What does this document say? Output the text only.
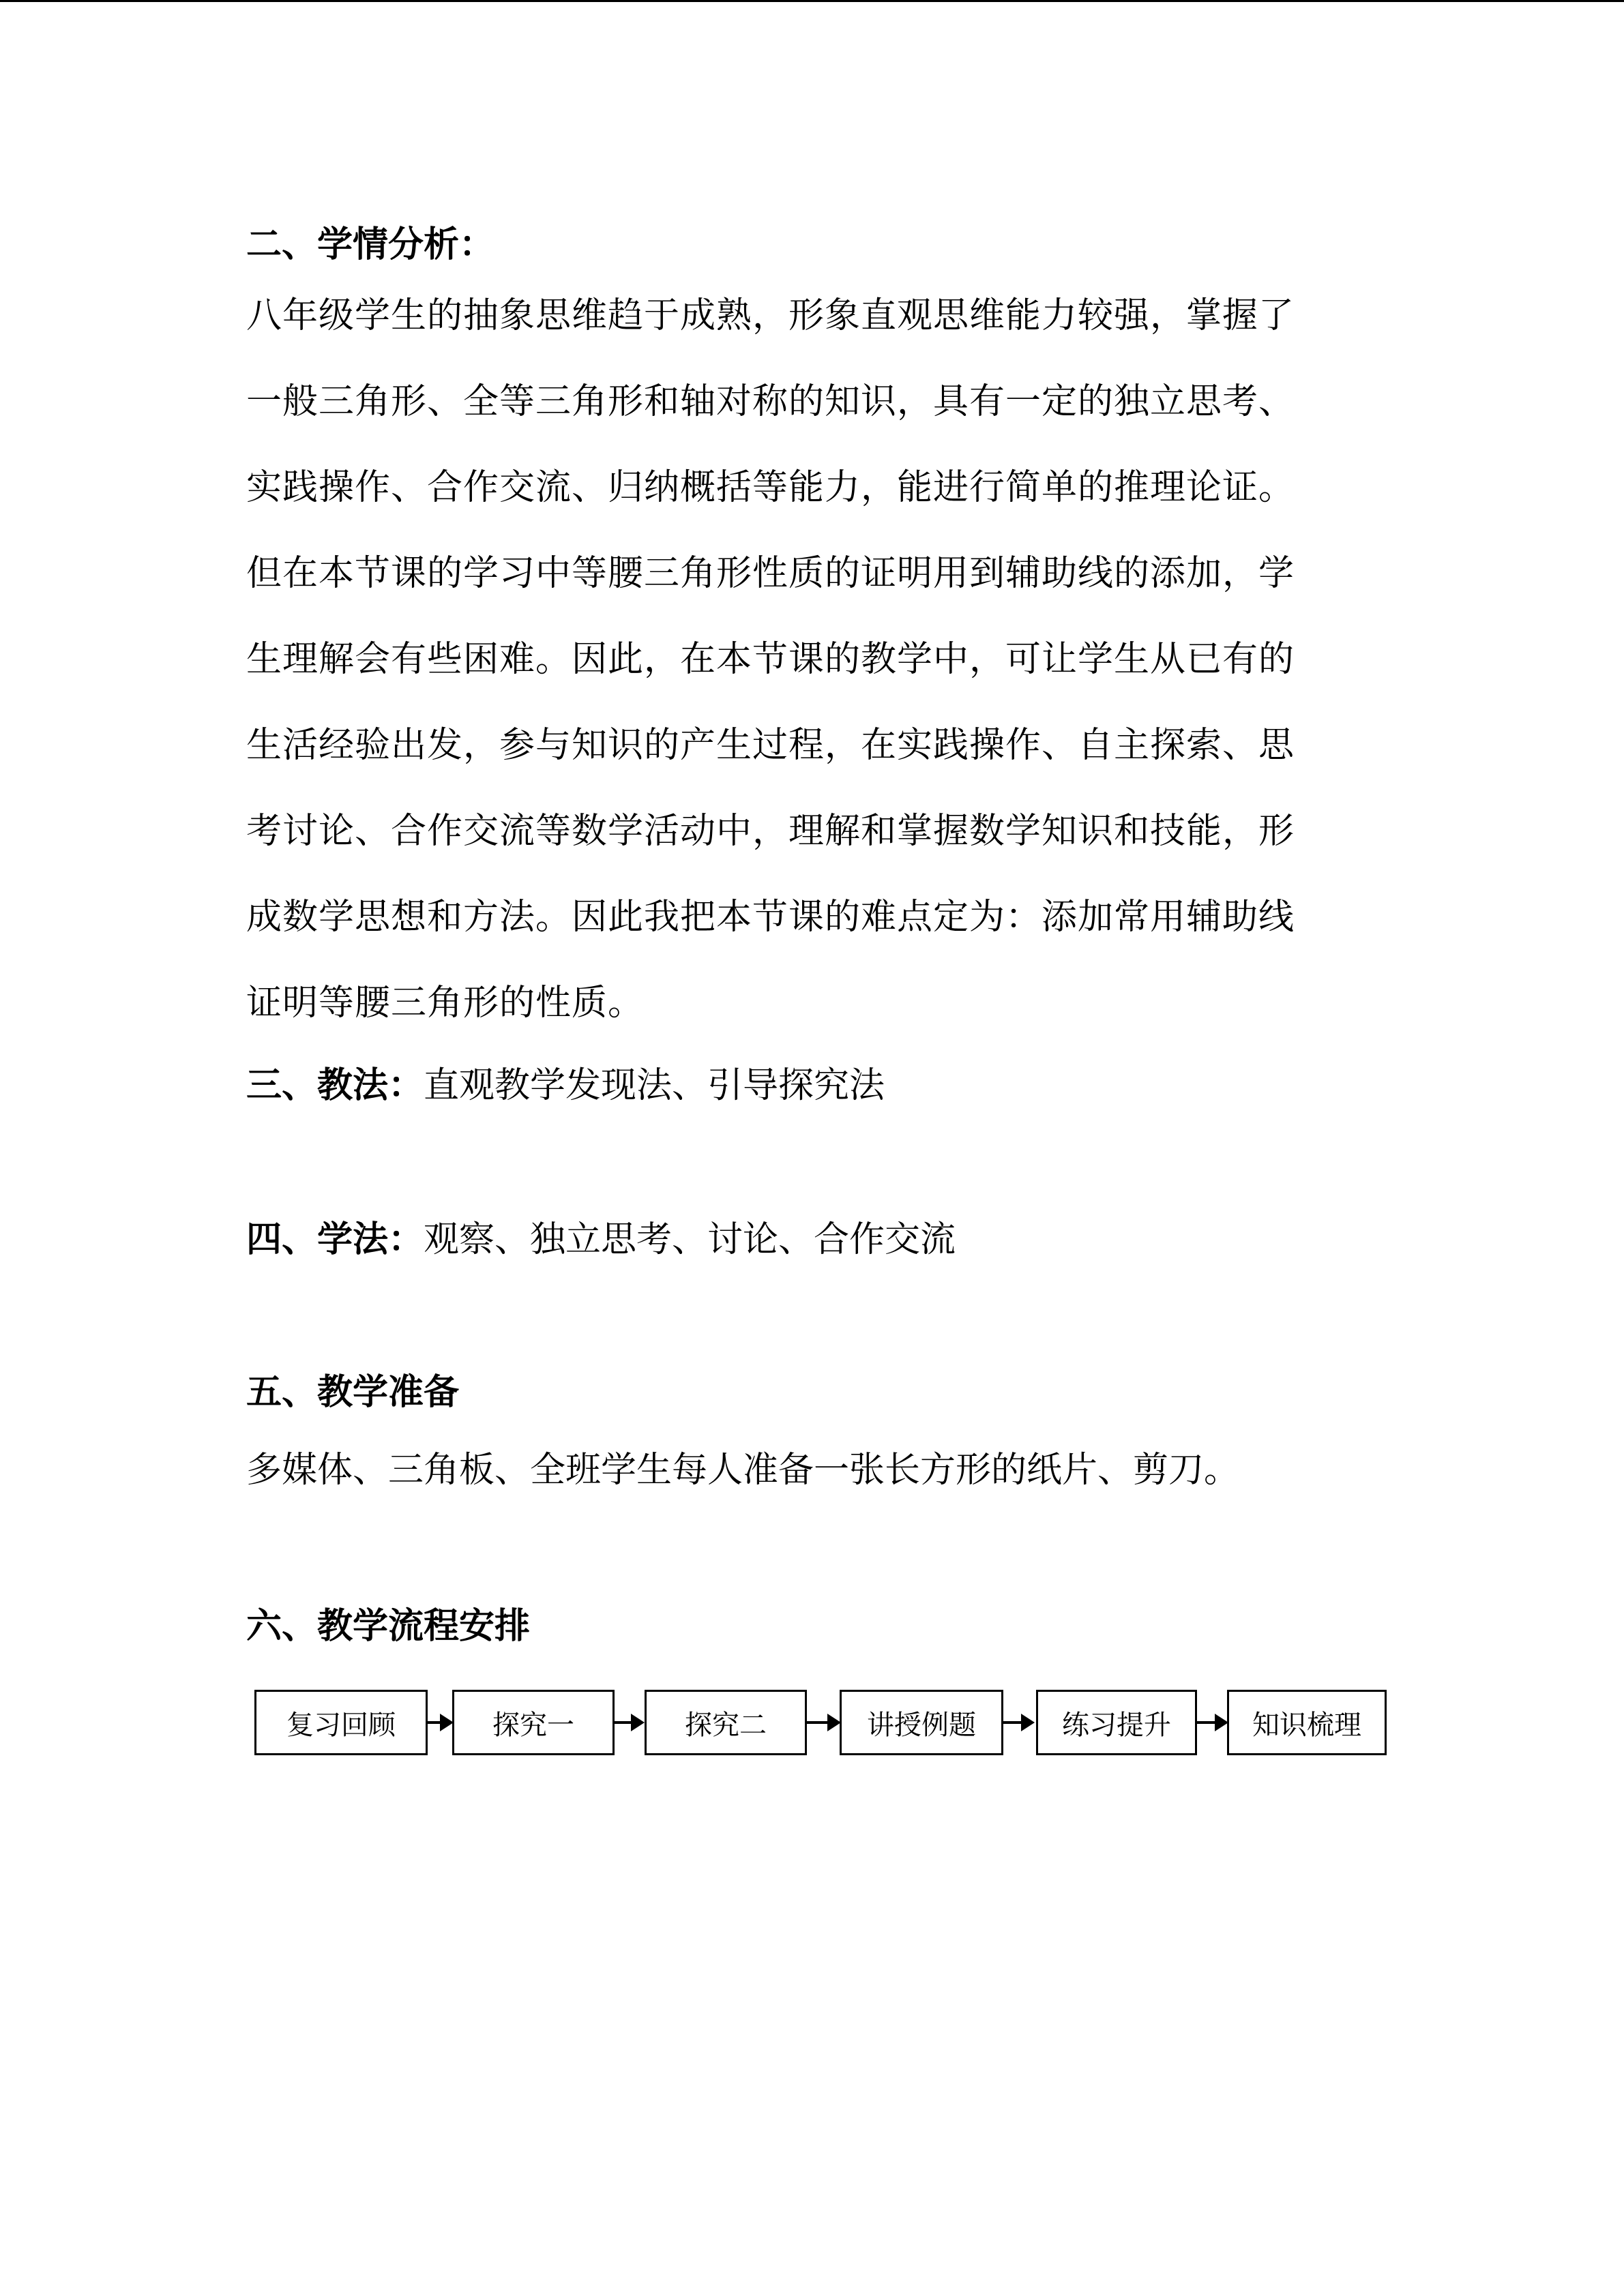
二、学情分析：
八年级学生的抽象思维趋于成熟，形象直观思维能力较强，掌握了
一般三角形、全等三角形和轴对称的知识，具有一定的独立思考、
实践操作、合作交流、归纳概括等能力，能进行简单的推理论证。
但在本节课的学习中等腰三角形性质的证明用到辅助线的添加，学
生理解会有些困难。因此，在本节课的教学中，可让学生从已有的
生活经验出发，参与知识的产生过程，在实践操作、自主探索、思
考讨论、合作交流等数学活动中，理解和掌握数学知识和技能，形
成数学思想和方法。因此我把本节课的难点定为：添加常用辅助线
证明等腰三角形的性质。
三、教法：直观教学发现法、引导探究法
四、学法：观察、独立思考、讨论、合作交流
五、教学准备
多媒体、三角板、全班学生每人准备一张长方形的纸片、剪刀。
六、教学流程安排
复习回顾	探究一	探究二	讲授例题	练习提升	知识梳理
